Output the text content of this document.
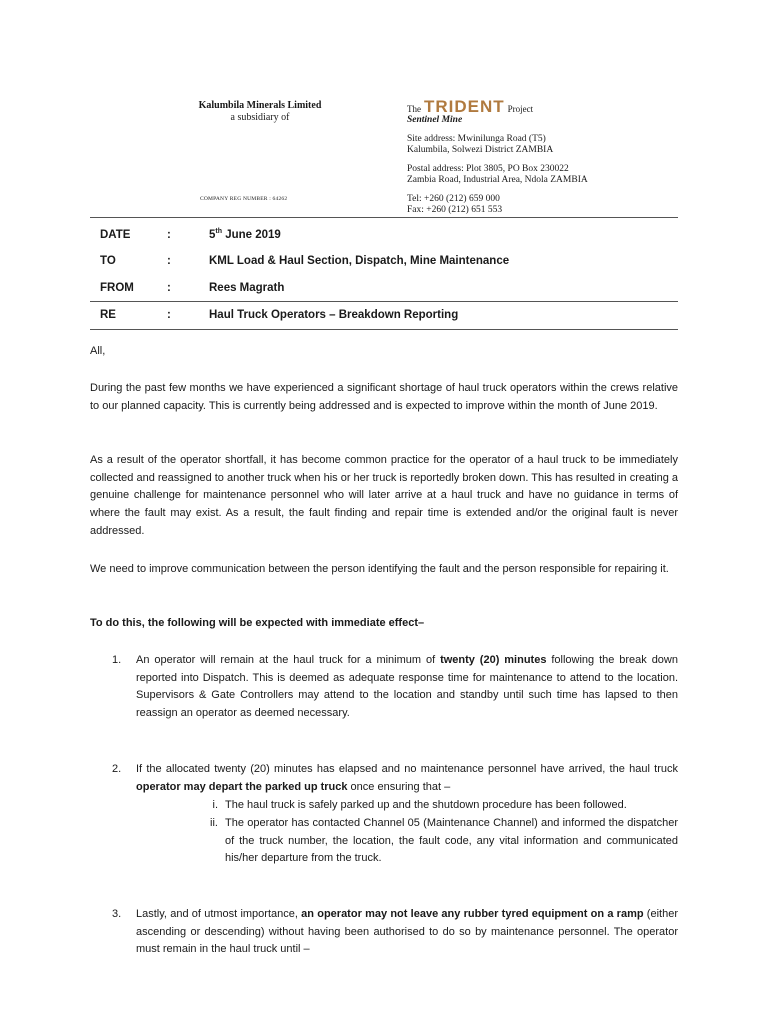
Kalumbila Minerals Limited
a subsidiary of
COMPANY REG NUMBER : 64262
The TRIDENT Project
Sentinel Mine
Site address: Mwinilunga Road (T5)
Kalumbila, Solwezi District ZAMBIA
Postal address: Plot 3805, PO Box 230022
Zambia Road, Industrial Area, Ndola ZAMBIA
Tel: +260 (212) 659 000
Fax: +260 (212) 651 553
DATE	:	5th June 2019
TO	:	KML Load & Haul Section, Dispatch, Mine Maintenance
FROM	:	Rees Magrath
RE	:	Haul Truck Operators – Breakdown Reporting
All,

During the past few months we have experienced a significant shortage of haul truck operators within the crews relative to our planned capacity. This is currently being addressed and is expected to improve within the month of June 2019.

As a result of the operator shortfall, it has become common practice for the operator of a haul truck to be immediately collected and reassigned to another truck when his or her truck is reportedly broken down. This has resulted in creating a genuine challenge for maintenance personnel who will later arrive at a haul truck and have no guidance in terms of where the fault may exist. As a result, the fault finding and repair time is extended and/or the original fault is never addressed.

We need to improve communication between the person identifying the fault and the person responsible for repairing it.

To do this, the following will be expected with immediate effect–
1. An operator will remain at the haul truck for a minimum of twenty (20) minutes following the break down reported into Dispatch. This is deemed as adequate response time for maintenance to attend to the location. Supervisors & Gate Controllers may attend to the location and standby until such time has lapsed to then reassign an operator as deemed necessary.
2. If the allocated twenty (20) minutes has elapsed and no maintenance personnel have arrived, the haul truck operator may depart the parked up truck once ensuring that –
i. The haul truck is safely parked up and the shutdown procedure has been followed.
ii. The operator has contacted Channel 05 (Maintenance Channel) and informed the dispatcher of the truck number, the location, the fault code, any vital information and communicated his/her departure from the truck.
3. Lastly, and of utmost importance, an operator may not leave any rubber tyred equipment on a ramp (either ascending or descending) without having been authorised to do so by maintenance personnel. The operator must remain in the haul truck until –
